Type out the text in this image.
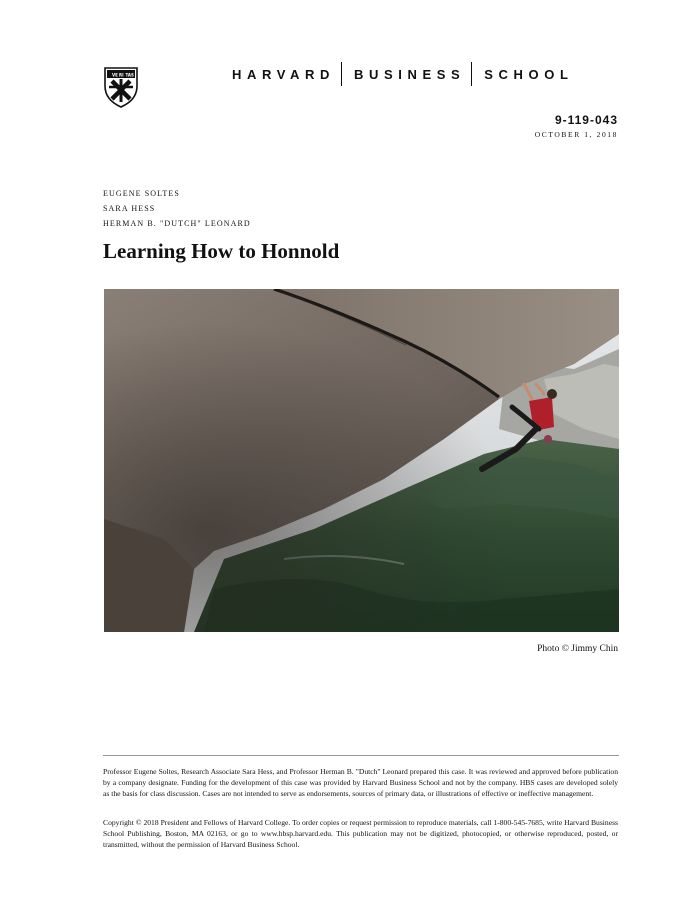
VE RI TAS	HARVARD BUSINESS SCHOOL
9-119-043
OCTOBER 1, 2018
EUGENE SOLTES
SARA HESS
HERMAN B. "DUTCH" LEONARD
Learning How to Honnold
Photo © Jimmy Chin

Professor Eugene Soltes, Research Associate Sara Hess, and Professor Herman B. "Dutch" Leonard prepared this case. It was reviewed and approved before publication by a company designate. Funding for the development of this case was provided by Harvard Business School and not by the company. HBS cases are developed solely as the basis for class discussion. Cases are not intended to serve as endorsements, sources of primary data, or illustrations of effective or ineffective management.

Copyright © 2018 President and Fellows of Harvard College. To order copies or request permission to reproduce materials, call 1-800-545-7685, write Harvard Business School Publishing, Boston, MA 02163, or go to www.hbsp.harvard.edu. This publication may not be digitized, photocopied, or otherwise reproduced, posted, or transmitted, without the permission of Harvard Business School.
